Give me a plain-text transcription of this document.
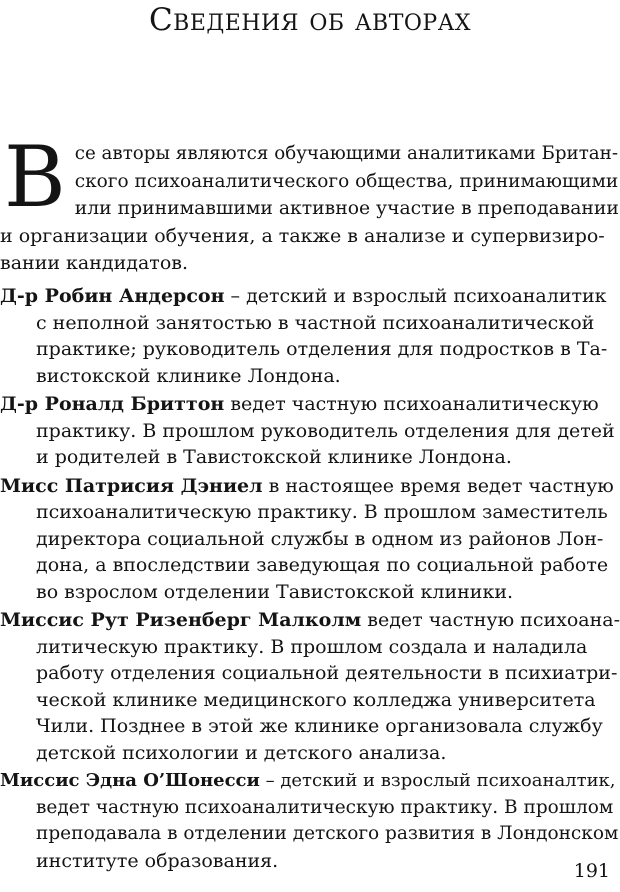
Сведения об авторах
В се авторы являются обучающими аналитиками Британ-
ского психоаналитического общества, принимающими
или принимавшими активное участие в преподавании
и организации обучения, а также в анализе и супервизиро-
вании кандидатов.
Д-р Робин Андерсон – детский и взрослый психоаналитик
с неполной занятостью в частной психоаналитической
практике; руководитель отделения для подростков в Та-
вистокской клинике Лондона.
Д-р Роналд Бриттон ведет частную психоаналитическую
практику. В прошлом руководитель отделения для детей
и родителей в Тавистокской клинике Лондона.
Мисс Патрисия Дэниел в настоящее время ведет частную
психоаналитическую практику. В прошлом заместитель
директора социальной службы в одном из районов Лон-
дона, а впоследствии заведующая по социальной работе
во взрослом отделении Тавистокской клиники.
Миссис Рут Ризенберг Малколм ведет частную психоана-
литическую практику. В прошлом создала и наладила
работу отделения социальной деятельности в психиатри-
ческой клинике медицинского колледжа университета
Чили. Позднее в этой же клинике организовала службу
детской психологии и детского анализа.
Миссис Эдна О’Шонесси – детский и взрослый психоаналтик,
ведет частную психоаналитическую практику. В прошлом
преподавала в отделении детского развития в Лондонском
институте образования.	191
